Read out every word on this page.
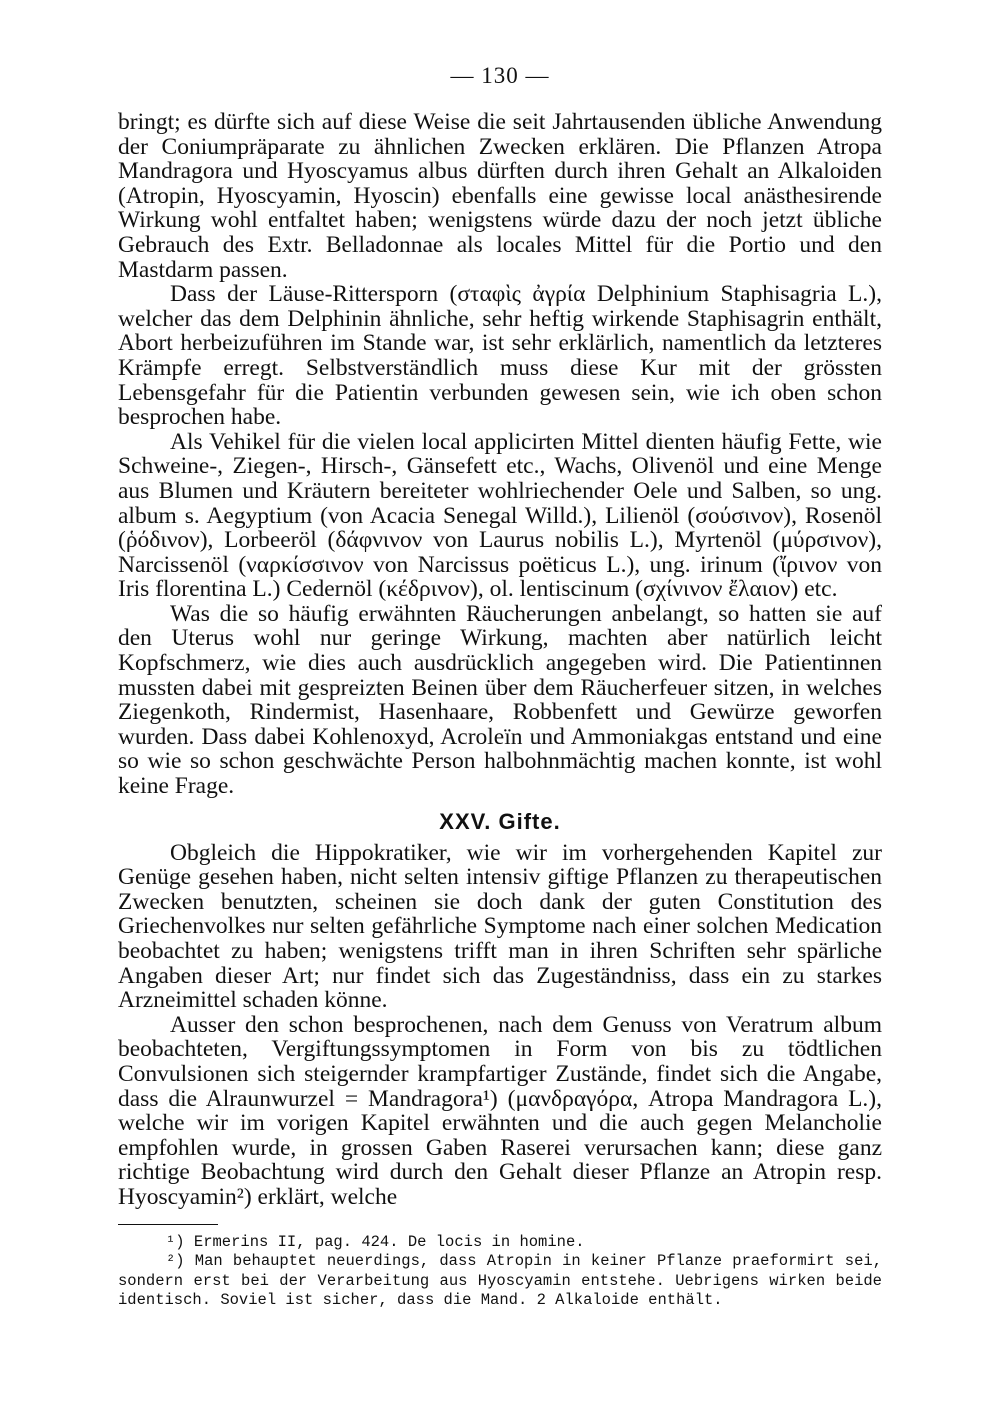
— 130 —

bringt; es dürfte sich auf diese Weise die seit Jahrtausenden übliche Anwendung der Coniumpräparate zu ähnlichen Zwecken erklären. Die Pflanzen Atropa Mandragora und Hyoscyamus albus dürften durch ihren Gehalt an Alkaloiden (Atropin, Hyoscyamin, Hyoscin) ebenfalls eine gewisse local anästhesirende Wirkung wohl entfaltet haben; wenigstens würde dazu der noch jetzt übliche Gebrauch des Extr. Belladonnae als locales Mittel für die Portio und den Mastdarm passen.

Dass der Läuse-Rittersporn (σταφὶς ἀγρία Delphinium Staphisagria L.), welcher das dem Delphinin ähnliche, sehr heftig wirkende Staphisagrin enthält, Abort herbeizuführen im Stande war, ist sehr erklärlich, namentlich da letzteres Krämpfe erregt. Selbstverständlich muss diese Kur mit der grössten Lebensgefahr für die Patientin verbunden gewesen sein, wie ich oben schon besprochen habe.

Als Vehikel für die vielen local applicirten Mittel dienten häufig Fette, wie Schweine-, Ziegen-, Hirsch-, Gänsefett etc., Wachs, Olivenöl und eine Menge aus Blumen und Kräutern bereiteter wohlriechender Oele und Salben, so ung. album s. Aegyptium (von Acacia Senegal Willd.), Lilienöl (σούσινον), Rosenöl (ῥόδινον), Lorbeeröl (δάφνινον von Laurus nobilis L.), Myrtenöl (μύρσινον), Narcissenöl (ναρκίσσινον von Narcissus poëticus L.), ung. irinum (ἴρινον von Iris florentina L.) Cedernöl (κέδρινον), ol. lentiscinum (σχίνινον ἔλαιον) etc.

Was die so häufig erwähnten Räucherungen anbelangt, so hatten sie auf den Uterus wohl nur geringe Wirkung, machten aber natürlich leicht Kopfschmerz, wie dies auch ausdrücklich angegeben wird. Die Patientinnen mussten dabei mit gespreizten Beinen über dem Räucherfeuer sitzen, in welches Ziegenkoth, Rindermist, Hasenhaare, Robbenfett und Gewürze geworfen wurden. Dass dabei Kohlenoxyd, Acroleïn und Ammoniakgas entstand und eine so wie so schon geschwächte Person halbohnmächtig machen konnte, ist wohl keine Frage.

XXV. Gifte.

Obgleich die Hippokratiker, wie wir im vorhergehenden Kapitel zur Genüge gesehen haben, nicht selten intensiv giftige Pflanzen zu therapeutischen Zwecken benutzten, scheinen sie doch dank der guten Constitution des Griechenvolkes nur selten gefährliche Symptome nach einer solchen Medication beobachtet zu haben; wenigstens trifft man in ihren Schriften sehr spärliche Angaben dieser Art; nur findet sich das Zugeständniss, dass ein zu starkes Arzneimittel schaden könne.

Ausser den schon besprochenen, nach dem Genuss von Veratrum album beobachteten, Vergiftungssymptomen in Form von bis zu tödtlichen Convulsionen sich steigernder krampfartiger Zustände, findet sich die Angabe, dass die Alraunwurzel = Mandragora¹) (μανδραγόρα, Atropa Mandragora L.), welche wir im vorigen Kapitel erwähnten und die auch gegen Melancholie empfohlen wurde, in grossen Gaben Raserei verursachen kann; diese ganz richtige Beobachtung wird durch den Gehalt dieser Pflanze an Atropin resp. Hyoscyamin²) erklärt, welche

¹) Ermerins II, pag. 424. De locis in homine.

²) Man behauptet neuerdings, dass Atropin in keiner Pflanze praeformirt sei, sondern erst bei der Verarbeitung aus Hyoscyamin entstehe. Uebrigens wirken beide identisch. Soviel ist sicher, dass die Mand. 2 Alkaloide enthält.
